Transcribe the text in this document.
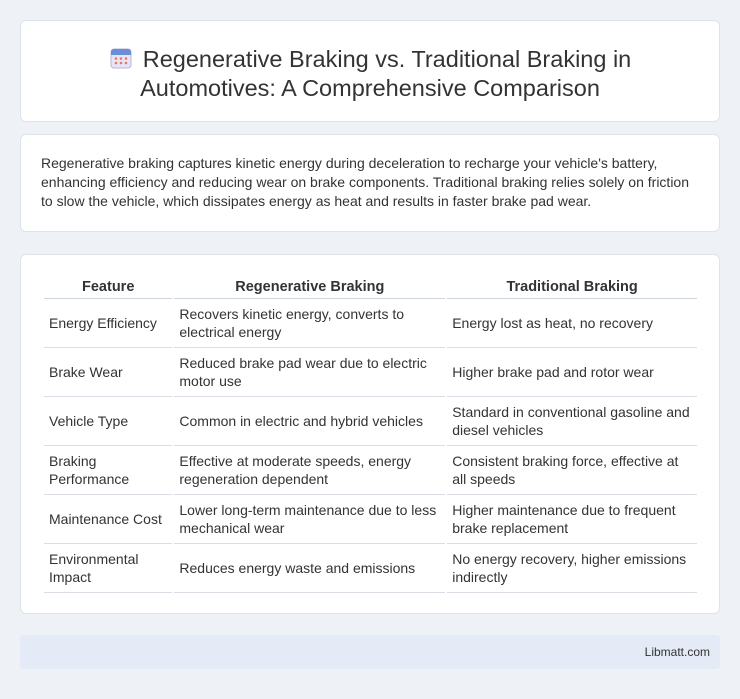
Regenerative Braking vs. Traditional Braking in Automotives: A Comprehensive Comparison

Regenerative braking captures kinetic energy during deceleration to recharge your vehicle's battery, enhancing efficiency and reducing wear on brake components. Traditional braking relies solely on friction to slow the vehicle, which dissipates energy as heat and results in faster brake pad wear.

Feature	Regenerative Braking	Traditional Braking
Energy Efficiency	Recovers kinetic energy, converts to electrical energy	Energy lost as heat, no recovery
Brake Wear	Reduced brake pad wear due to electric motor use	Higher brake pad and rotor wear
Vehicle Type	Common in electric and hybrid vehicles	Standard in conventional gasoline and diesel vehicles
Braking Performance	Effective at moderate speeds, energy regeneration dependent	Consistent braking force, effective at all speeds
Maintenance Cost	Lower long-term maintenance due to less mechanical wear	Higher maintenance due to frequent brake replacement
Environmental Impact	Reduces energy waste and emissions	No energy recovery, higher emissions indirectly
Libmatt.com
